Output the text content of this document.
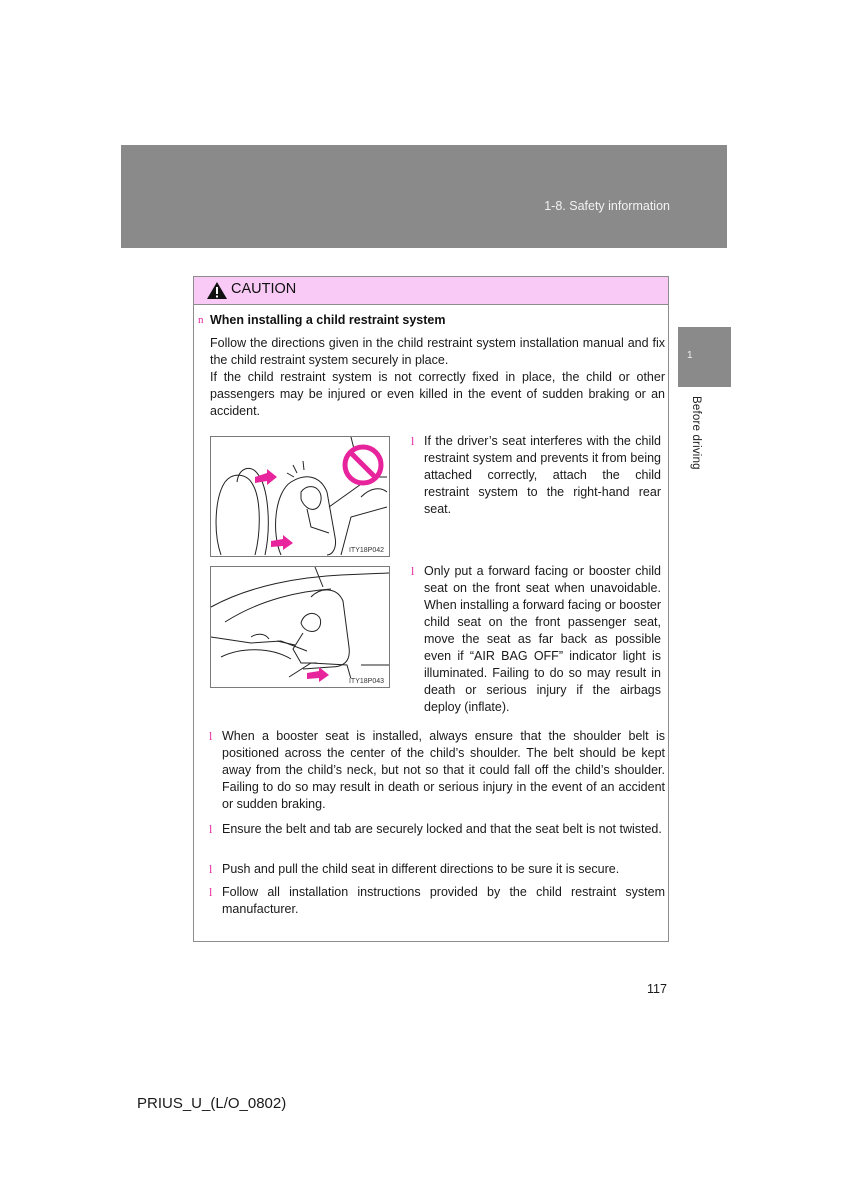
1-8. Safety information
1
Before driving
CAUTION
n When installing a child restraint system

Follow the directions given in the child restraint system installation manual and fix the child restraint system securely in place.

If the child restraint system is not correctly fixed in place, the child or other passengers may be injured or even killed in the event of sudden braking or an accident.

ITY18P042
l If the driver’s seat interferes with the child restraint system and prevents it from being attached correctly, attach the child restraint system to the right-hand rear seat.

ITY18P043
l Only put a forward facing or booster child seat on the front seat when unavoidable. When installing a forward facing or booster child seat on the front passenger seat, move the seat as far back as possible even if “AIR BAG OFF” indicator light is illuminated. Failing to do so may result in death or serious injury if the airbags deploy (inflate).

l When a booster seat is installed, always ensure that the shoulder belt is positioned across the center of the child’s shoulder. The belt should be kept away from the child’s neck, but not so that it could fall off the child’s shoulder. Failing to do so may result in death or serious injury in the event of an accident or sudden braking.

l Ensure the belt and tab are securely locked and that the seat belt is not twisted.

l Push and pull the child seat in different directions to be sure it is secure.

l Follow all installation instructions provided by the child restraint system manufacturer.

117
PRIUS_U_(L/O_0802)
